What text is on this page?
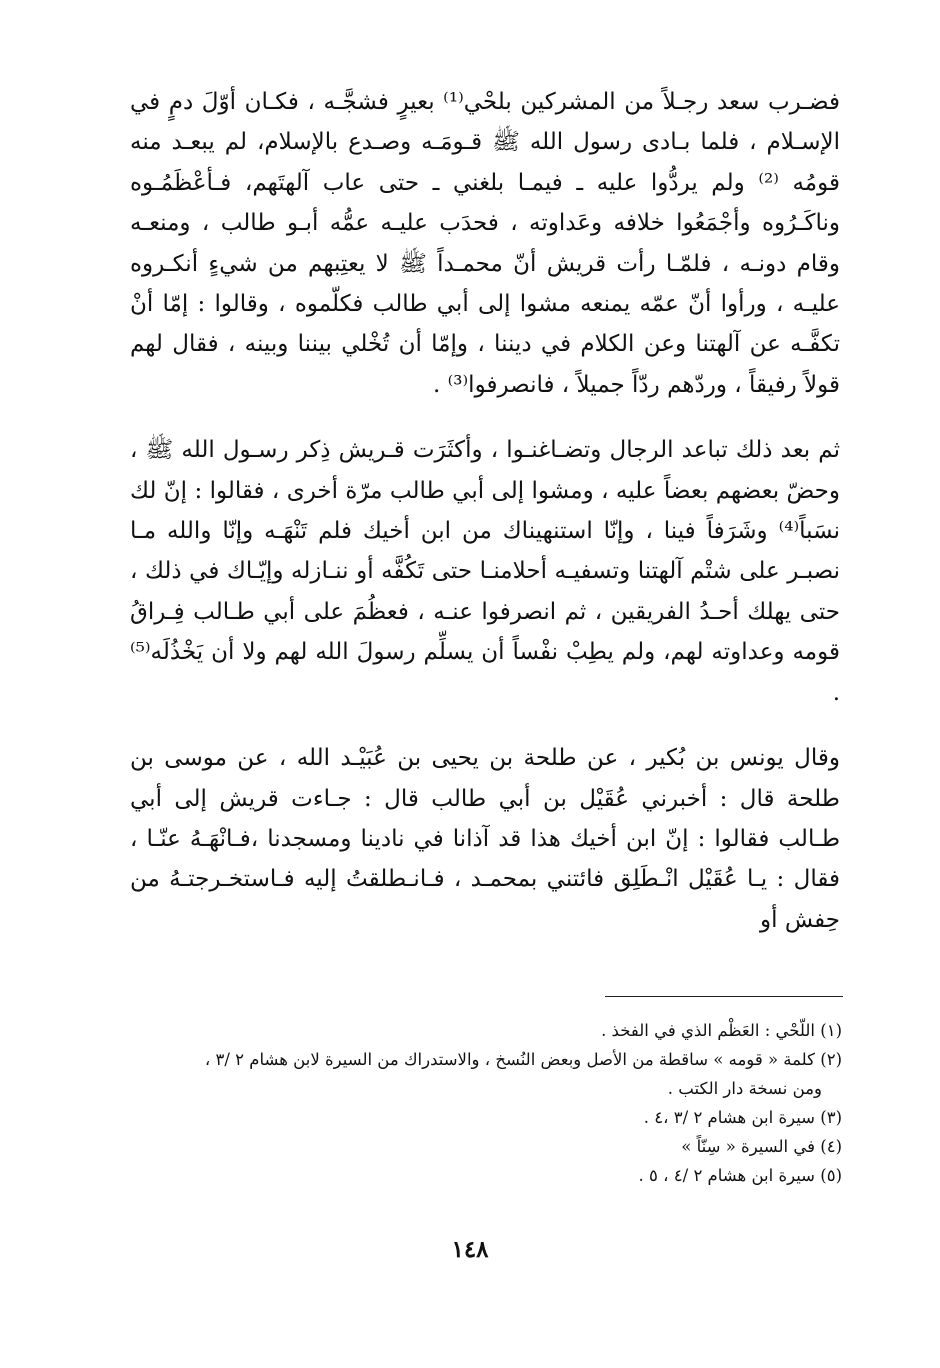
فضـرب سعد رجـلاً من المشركين بلحْي⁽¹⁾ بعيرٍ فشجَّـه ، فكـان أوّلَ دمٍ في الإسـلام ، فلما بـادى رسول الله ﷺ قـومَـه وصـدع بالإسلام، لم يبعـد منه قومُه ⁽²⁾ ولم يردُّوا عليه ـ فيمـا بلغني ـ حتى عاب آلهتَهم، فـأعْظَمُـوه وناكَـرُوه وأجْمَعُوا خلافه وعَداوته ، فحدَب عليـه عمُّه أبـو طالب ، ومنعـه وقام دونـه ، فلمّـا رأت قريش أنّ محمـداً ﷺ لا يعتِبهم من شيءٍ أنكـروه عليـه ، ورأوا أنّ عمّه يمنعه مشوا إلى أبي طالب فكلّموه ، وقالوا : إمّا أنْ تكفَّـه عن آلهتنا وعن الكلام في ديننا ، وإمّا أن تُخْلي بيننا وبينه ، فقال لهم قولاً رفيقاً ، وردّهم ردّاً جميلاً ، فانصرفوا⁽³⁾ .

ثم بعد ذلك تباعد الرجال وتضـاغنـوا ، وأكثَرَت قـريش ذِكر رسـول الله ﷺ ، وحضّ بعضهم بعضاً عليه ، ومشوا إلى أبي طالب مرّة أخرى ، فقالوا : إنّ لك نسَباً⁽⁴⁾ وشَرَفاً فينا ، وإنّا استنهيناك من ابن أخيك فلم تَنْهَـه وإنّا والله مـا نصبـر على شتْم آلهتنا وتسفيـه أحلامنـا حتى تَكُفَّه أو ننـازله وإيّـاك في ذلك ، حتى يهلك أحـدُ الفريقين ، ثم انصرفوا عنـه ، فعظُمَ على أبي طـالب فِـراقُ قومه وعداوته لهم، ولم يطِبْ نفْساً أن يسلِّم رسولَ الله لهم ولا أن يَخْذُلَه⁽⁵⁾ .

وقال يونس بن بُكير ، عن طلحة بن يحيى بن عُبَيْـد الله ، عن موسى بن طلحة قال : أخبرني عُقَيْل بن أبي طالب قال : جـاءت قريش إلى أبي طـالب فقالوا : إنّ ابن أخيك هذا قد آذانا في نادينا ومسجدنا ،فـانْهَـهُ عنّـا ، فقال : يـا عُقَيْل انْـطَلِق فائتني بمحمـد ، فـانـطلقتُ إليه فـاستخـرجتـهُ من حِفش أو

(١) اللّحْي : العَظْم الذي في الفخذ .

(٢) كلمة « قومه » ساقطة من الأصل وبعض النُسخ ، والاستدراك من السيرة لابن هشام ٢ /٣ ،

ومن نسخة دار الكتب .

(٣) سيرة ابن هشام ٢ /٣ ،٤ .

(٤) في السيرة « سِنّاً »

(٥) سيرة ابن هشام ٢ /٤ ، ٥ .

١٤٨
